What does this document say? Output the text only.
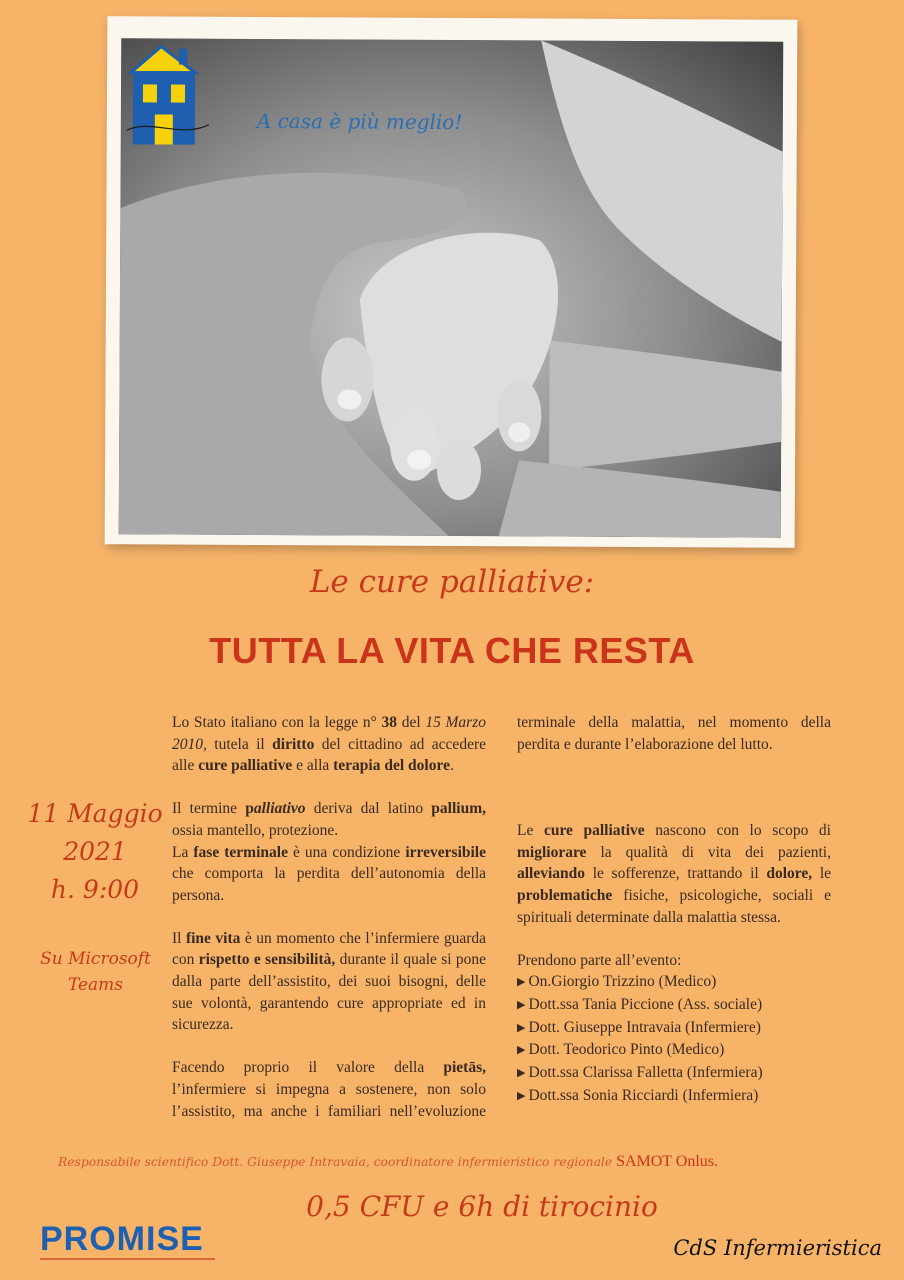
A casa è più meglio!
Le cure palliative:
TUTTA LA VITA CHE RESTA
11 Maggio
2021
h. 9:00
Su Microsoft
Teams

Lo Stato italiano con la legge n° 38 del 15 Marzo 2010, tutela il diritto del cittadino ad accedere alle cure palliative e alla terapia del dolore.

Il termine palliativo deriva dal latino pallium, ossia mantello, protezione.

La fase terminale è una condizione irreversibile che comporta la perdita dell’autonomia della persona.

Il fine vita è un momento che l’infermiere guarda con rispetto e sensibilità, durante il quale si pone dalla parte dell’assistito, dei suoi bisogni, delle sue volontà, garantendo cure appropriate ed in sicurezza.

Facendo proprio il valore della pietās, l’infermiere si impegna a sostenere, non solo l’assistito, ma anche i familiari nell’evoluzione

terminale della malattia, nel momento della perdita e durante l’elaborazione del lutto.

Le cure palliative nascono con lo scopo di migliorare la qualità di vita dei pazienti, alleviando le sofferenze, trattando il dolore, le problematiche fisiche, psicologiche, sociali e spirituali determinate dalla malattia stessa.

Prendono parte all’evento:
▶ On.Giorgio Trizzino (Medico)
▶ Dott.ssa Tania Piccione (Ass. sociale)
▶ Dott. Giuseppe Intravaia (Infermiere)
▶ Dott. Teodorico Pinto (Medico)
▶ Dott.ssa Clarissa Falletta (Infermiera)
▶ Dott.ssa Sonia Ricciardi (Infermiera)
Responsabile scientifico Dott. Giuseppe Intravaia, coordinatore infermieristico regionale SAMOT Onlus.
0,5 CFU e 6h di tirocinio
PROMISE	CdS Infermieristica
